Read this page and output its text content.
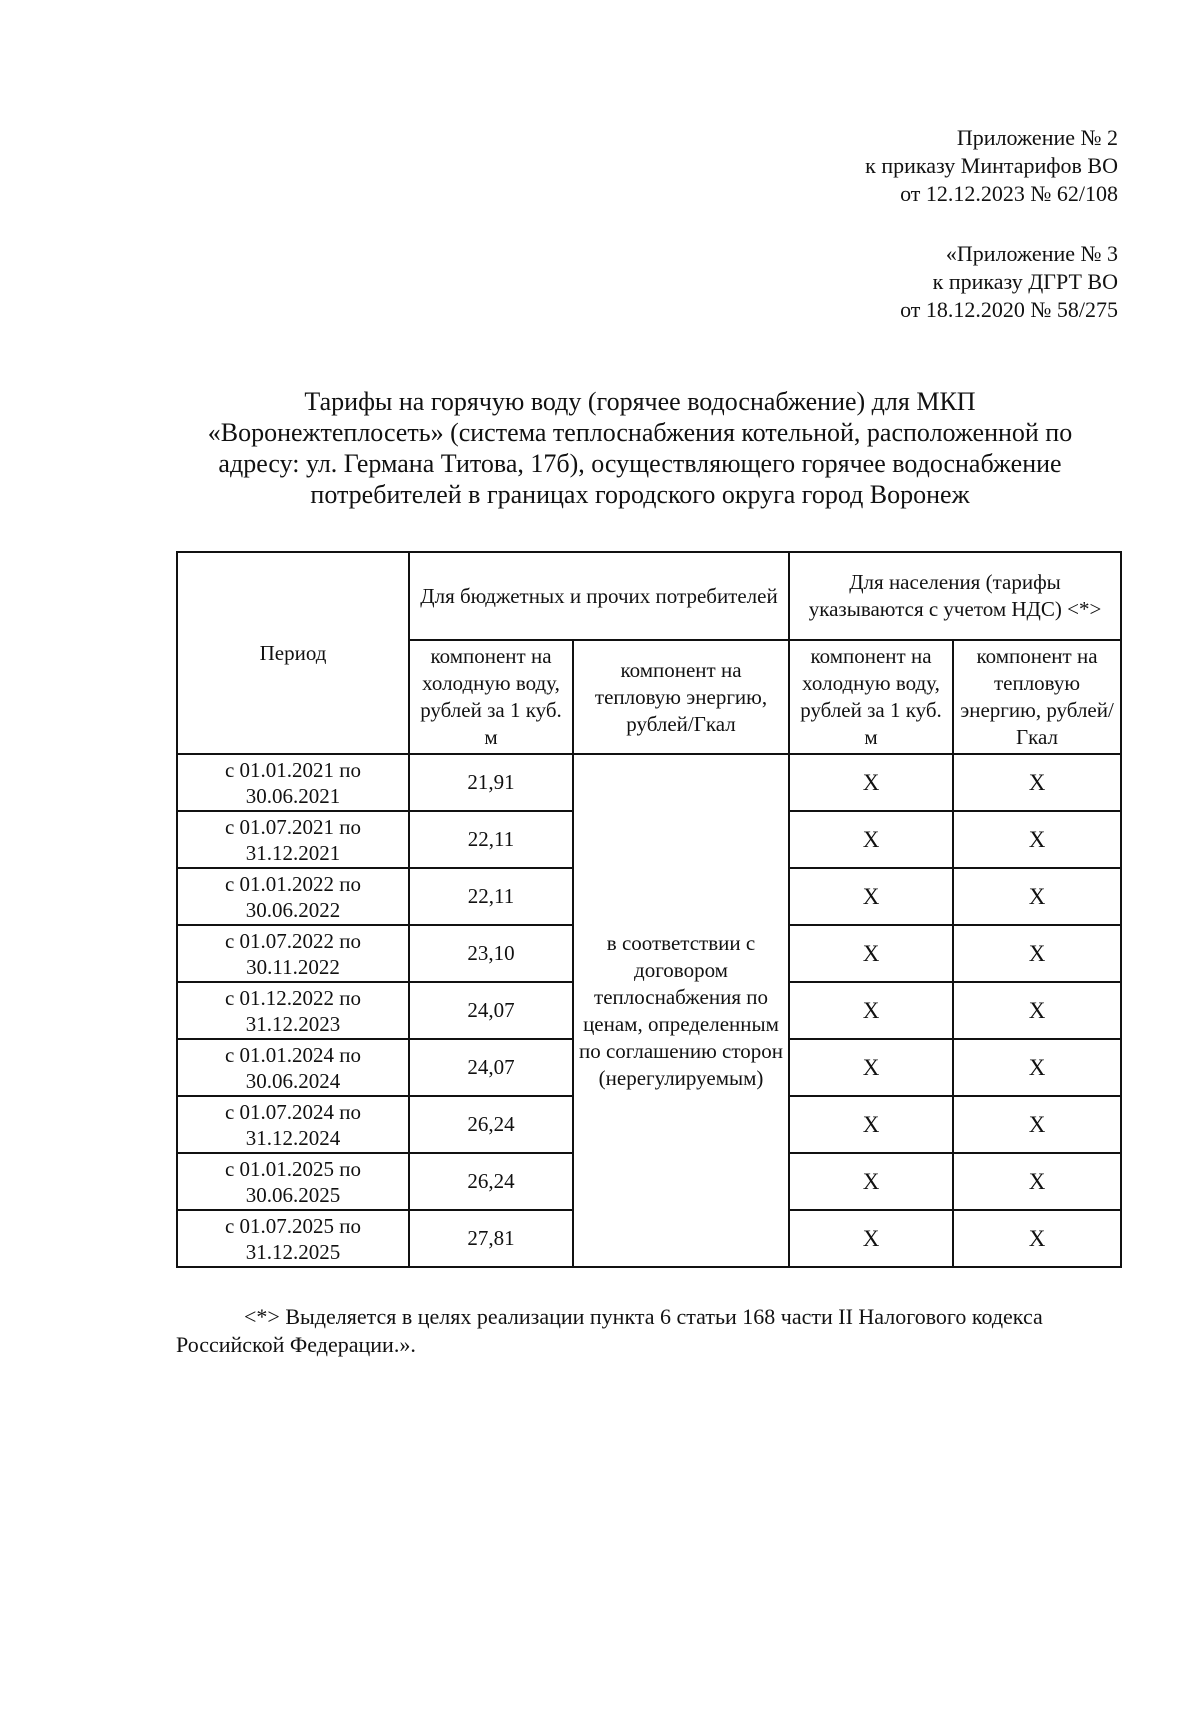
Приложение № 2
к приказу Минтарифов ВО
от 12.12.2023 № 62/108
«Приложение № 3
к приказу ДГРТ ВО
от 18.12.2020 № 58/275
Тарифы на горячую воду (горячее водоснабжение) для МКП
«Воронежтеплосеть» (система теплоснабжения котельной, расположенной по
адресу: ул. Германа Титова, 17б), осуществляющего горячее водоснабжение
потребителей в границах городского округа город Воронеж
Период	Для бюджетных и прочих потребителей		Для населения (тарифы указываются с учетом НДС) <*>	
	компонент на холодную воду, рублей за 1 куб. м	компонент на тепловую энергию, рублей/Гкал	компонент на холодную воду, рублей за 1 куб. м	компонент на тепловую энергию, рублей/Гкал

с 01.01.2021 по
30.06.2021	21,91	в соответствии с договором теплоснабжения по ценам, определенным по соглашению сторон (нерегулируемым)	Х	Х

с 01.07.2021 по
31.12.2021	22,11		Х	Х

с 01.01.2022 по
30.06.2022	22,11		Х	Х

с 01.07.2022 по
30.11.2022	23,10		Х	Х

с 01.12.2022 по
31.12.2023	24,07		Х	Х

с 01.01.2024 по
30.06.2024	24,07		Х	Х

с 01.07.2024 по
31.12.2024	26,24		Х	Х

с 01.01.2025 по
30.06.2025	26,24		Х	Х

с 01.07.2025 по
31.12.2025	27,81		Х	Х
<*> Выделяется в целях реализации пункта 6 статьи 168 части II Налогового кодекса Российской Федерации.».
